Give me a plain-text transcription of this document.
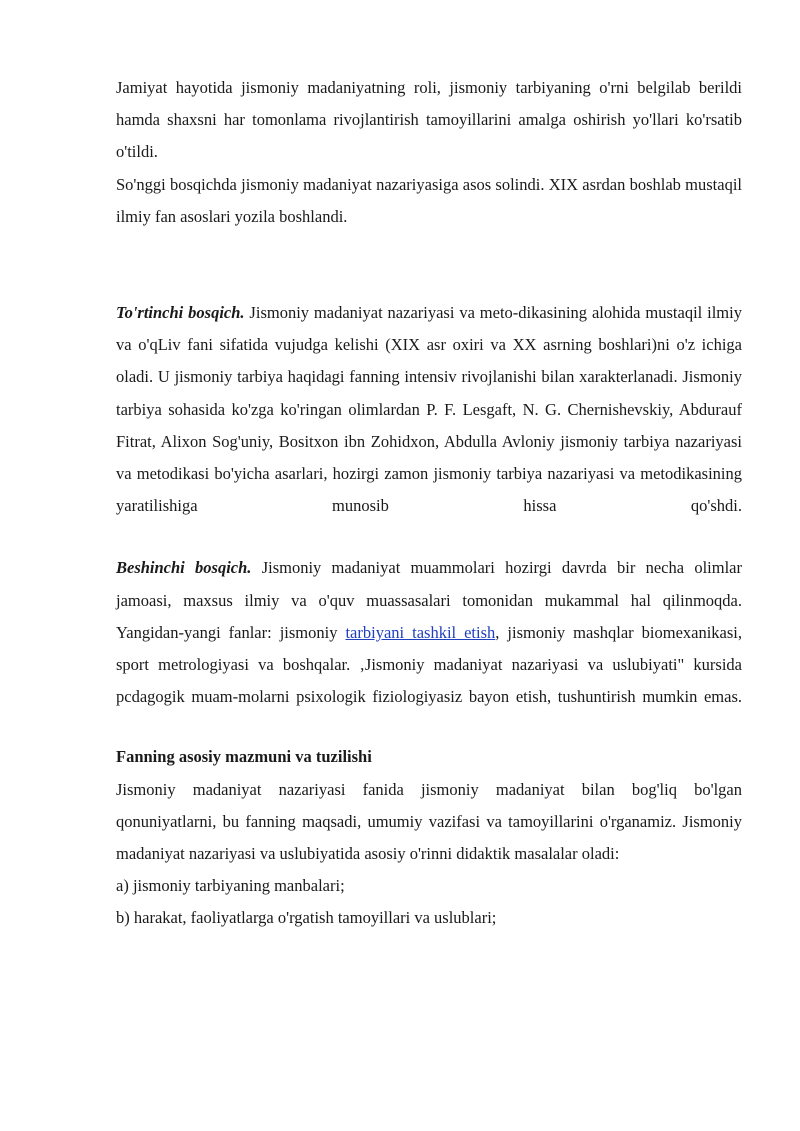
Jamiyat hayotida jismoniy madaniyatning roli, jismoniy tarbiyaning o'rni belgilab berildi hamda shaxsni har tomonlama rivojlantirish tamoyillarini amalga oshirish yo'llari ko'rsatib o'tildi.

So'nggi bosqichda jismoniy madaniyat nazariyasiga asos solindi. XIX asrdan boshlab mustaqil ilmiy fan asoslari yozila boshlandi.

To'rtinchi bosqich. Jismoniy madaniyat nazariyasi va meto-dikasining alohida mustaqil ilmiy va o'qLiv fani sifatida vujudga kelishi (XIX asr oxiri va XX asrning boshlari)ni o'z ichiga oladi. U jismoniy tarbiya haqidagi fanning intensiv rivojlanishi bilan xarakterlanadi. Jismoniy tarbiya sohasida ko'zga ko'ringan olimlardan P. F. Lesgaft, N. G. Chernishevskiy, Abdurauf Fitrat, Alixon Sog'uniy, Bositxon ibn Zohidxon, Abdulla Avloniy jismoniy tarbiya nazariyasi va metodikasi bo'yicha asarlari, hozirgi zamon jismoniy tarbiya nazariyasi va metodikasining yaratilishiga munosib hissa qo'shdi.

Beshinchi bosqich. Jismoniy madaniyat muammolari hozirgi davrda bir necha olimlar jamoasi, maxsus ilmiy va o'quv muassasalari tomonidan mukammal hal qilinmoqda. Yangidan-yangi fanlar: jismoniy tarbiyani tashkil etish, jismoniy mashqlar biomexanikasi, sport metrologiyasi va boshqalar. ‚Jismoniy madaniyat nazariyasi va uslubiyati" kursida pcdagogik muam-molarni psixologik fiziologiyasiz bayon etish, tushuntirish mumkin emas.

Fanning asosiy mazmuni va tuzilishi

Jismoniy madaniyat nazariyasi fanida jismoniy madaniyat bilan bog'liq bo'lgan qonuniyatlarni, bu fanning maqsadi, umumiy vazifasi va tamoyillarini o'rganamiz. Jismoniy madaniyat nazariyasi va uslubiyatida asosiy o'rinni didaktik masalalar oladi:

a) jismoniy tarbiyaning manbalari;

b) harakat, faoliyatlarga o'rgatish tamoyillari va uslublari;
